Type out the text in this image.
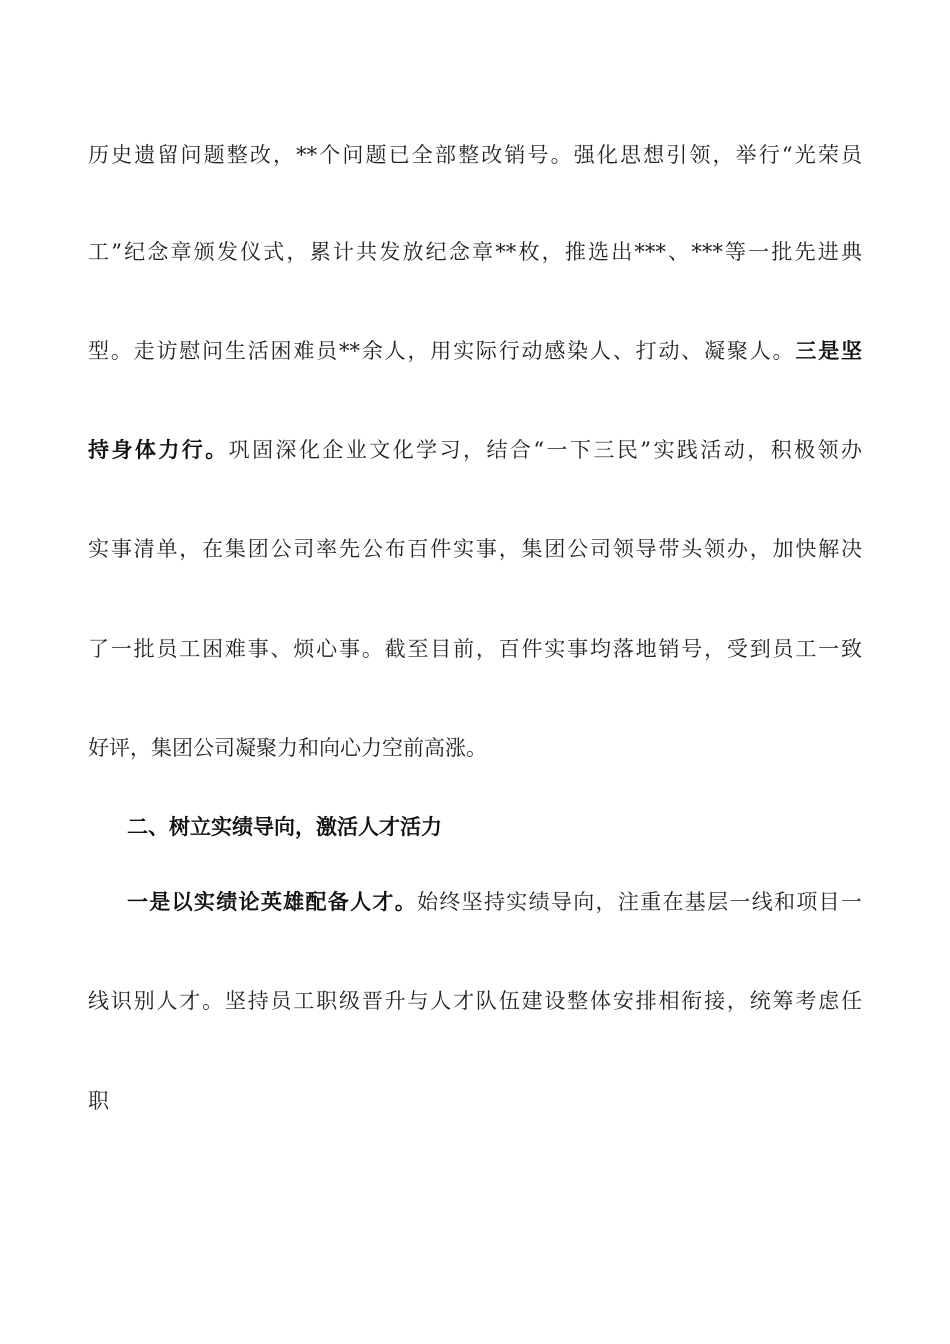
历史遗留问题整改，**个问题已全部整改销号。强化思想引领，举行“光荣员
工”纪念章颁发仪式，累计共发放纪念章**枚，推选出***、***等一批先进典
型。走访慰问生活困难员**余人，用实际行动感染人、打动、凝聚人。三是坚
持身体力行。巩固深化企业文化学习，结合“一下三民”实践活动，积极领办
实事清单，在集团公司率先公布百件实事，集团公司领导带头领办，加快解决
了一批员工困难事、烦心事。截至目前，百件实事均落地销号，受到员工一致
好评，集团公司凝聚力和向心力空前高涨。
二、树立实绩导向，激活人才活力
一是以实绩论英雄配备人才。始终坚持实绩导向，注重在基层一线和项目一
线识别人才。坚持员工职级晋升与人才队伍建设整体安排相衔接，统筹考虑任
职
